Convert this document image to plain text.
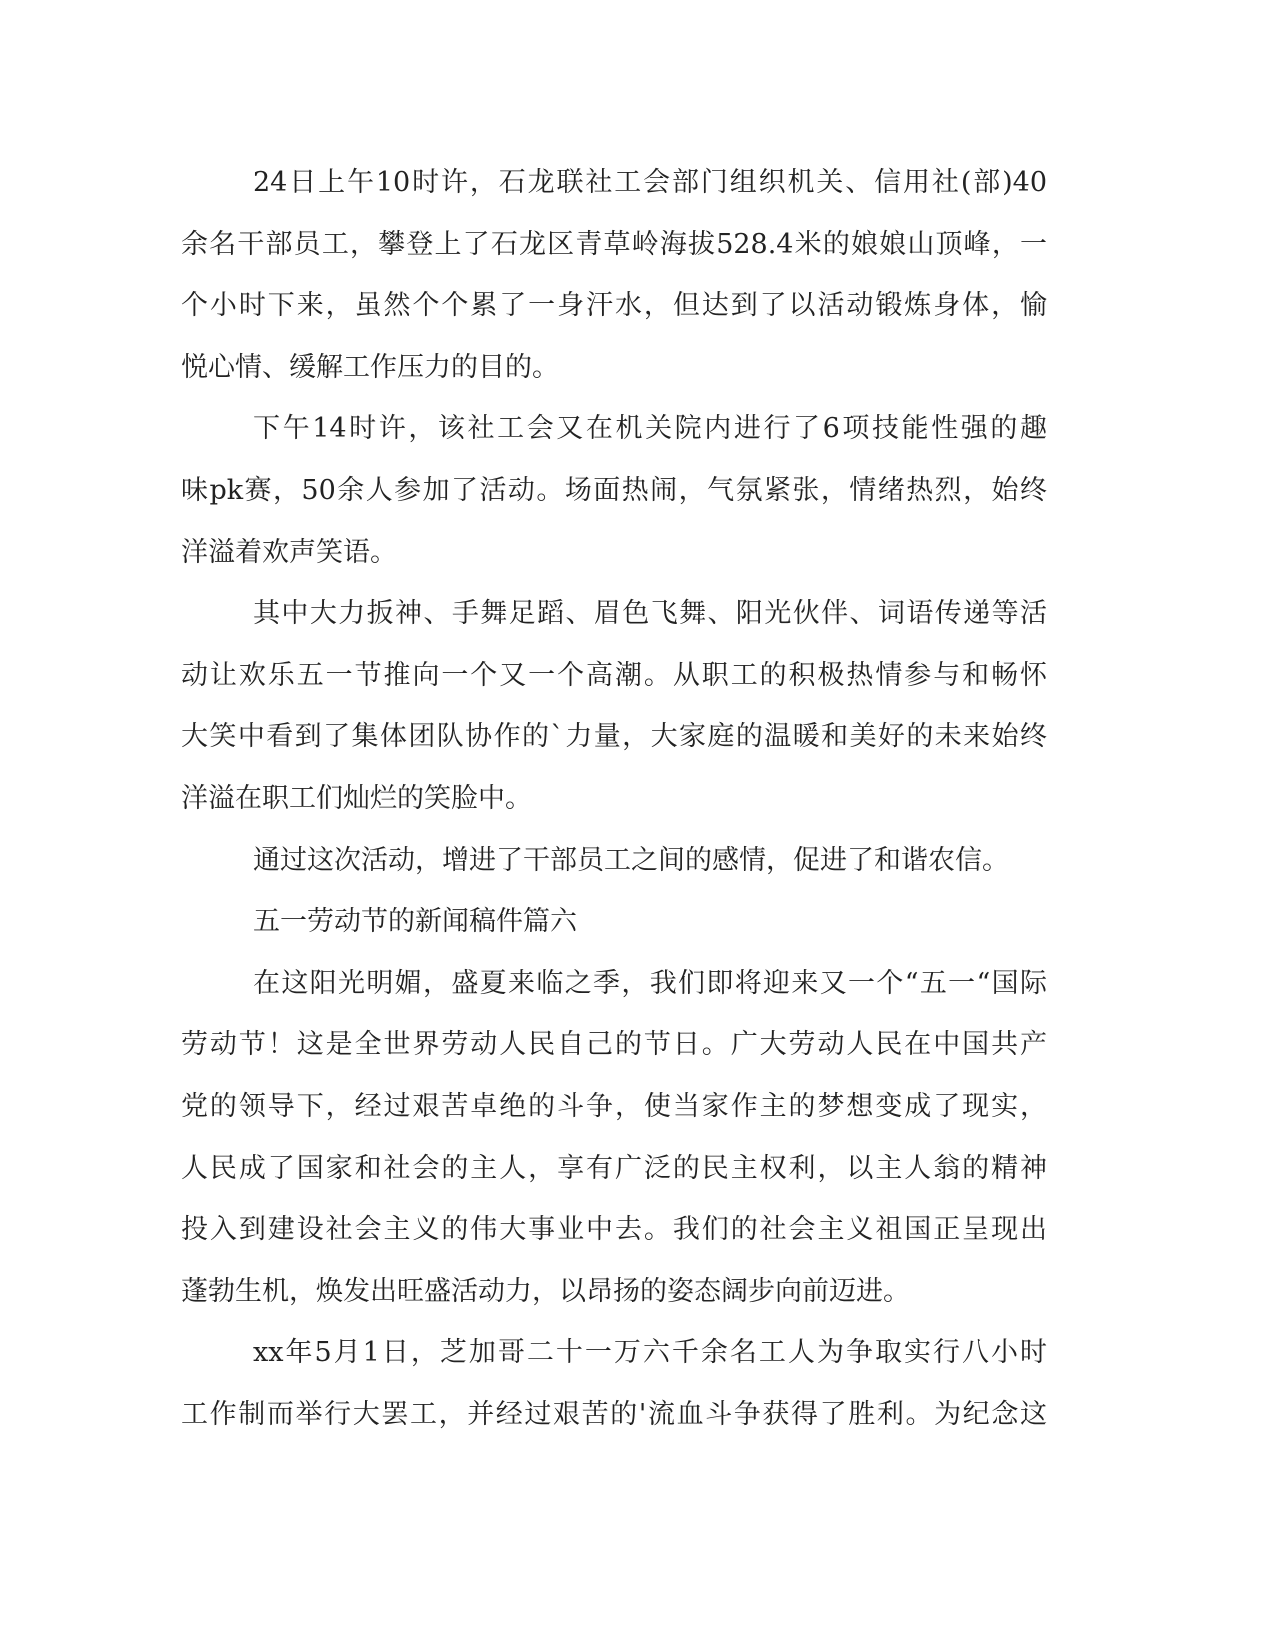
24日上午10时许，石龙联社工会部门组织机关、信用社(部)40
余名干部员工，攀登上了石龙区青草岭海拔528.4米的娘娘山顶峰，一
个小时下来，虽然个个累了一身汗水，但达到了以活动锻炼身体，愉
悦心情、缓解工作压力的目的。
下午14时许，该社工会又在机关院内进行了6项技能性强的趣
味pk赛，50余人参加了活动。场面热闹，气氛紧张，情绪热烈，始终
洋溢着欢声笑语。
其中大力扳神、手舞足蹈、眉色飞舞、阳光伙伴、词语传递等活
动让欢乐五一节推向一个又一个高潮。从职工的积极热情参与和畅怀
大笑中看到了集体团队协作的`力量，大家庭的温暖和美好的未来始终
洋溢在职工们灿烂的笑脸中。
通过这次活动，增进了干部员工之间的感情，促进了和谐农信。
五一劳动节的新闻稿件篇六
在这阳光明媚，盛夏来临之季，我们即将迎来又一个“五一“国际
劳动节！这是全世界劳动人民自己的节日。广大劳动人民在中国共产
党的领导下，经过艰苦卓绝的斗争，使当家作主的梦想变成了现实，
人民成了国家和社会的主人，享有广泛的民主权利，以主人翁的精神
投入到建设社会主义的伟大事业中去。我们的社会主义祖国正呈现出
蓬勃生机，焕发出旺盛活动力，以昂扬的姿态阔步向前迈进。
xx年5月1日，芝加哥二十一万六千余名工人为争取实行八小时
工作制而举行大罢工，并经过艰苦的'流血斗争获得了胜利。为纪念这
